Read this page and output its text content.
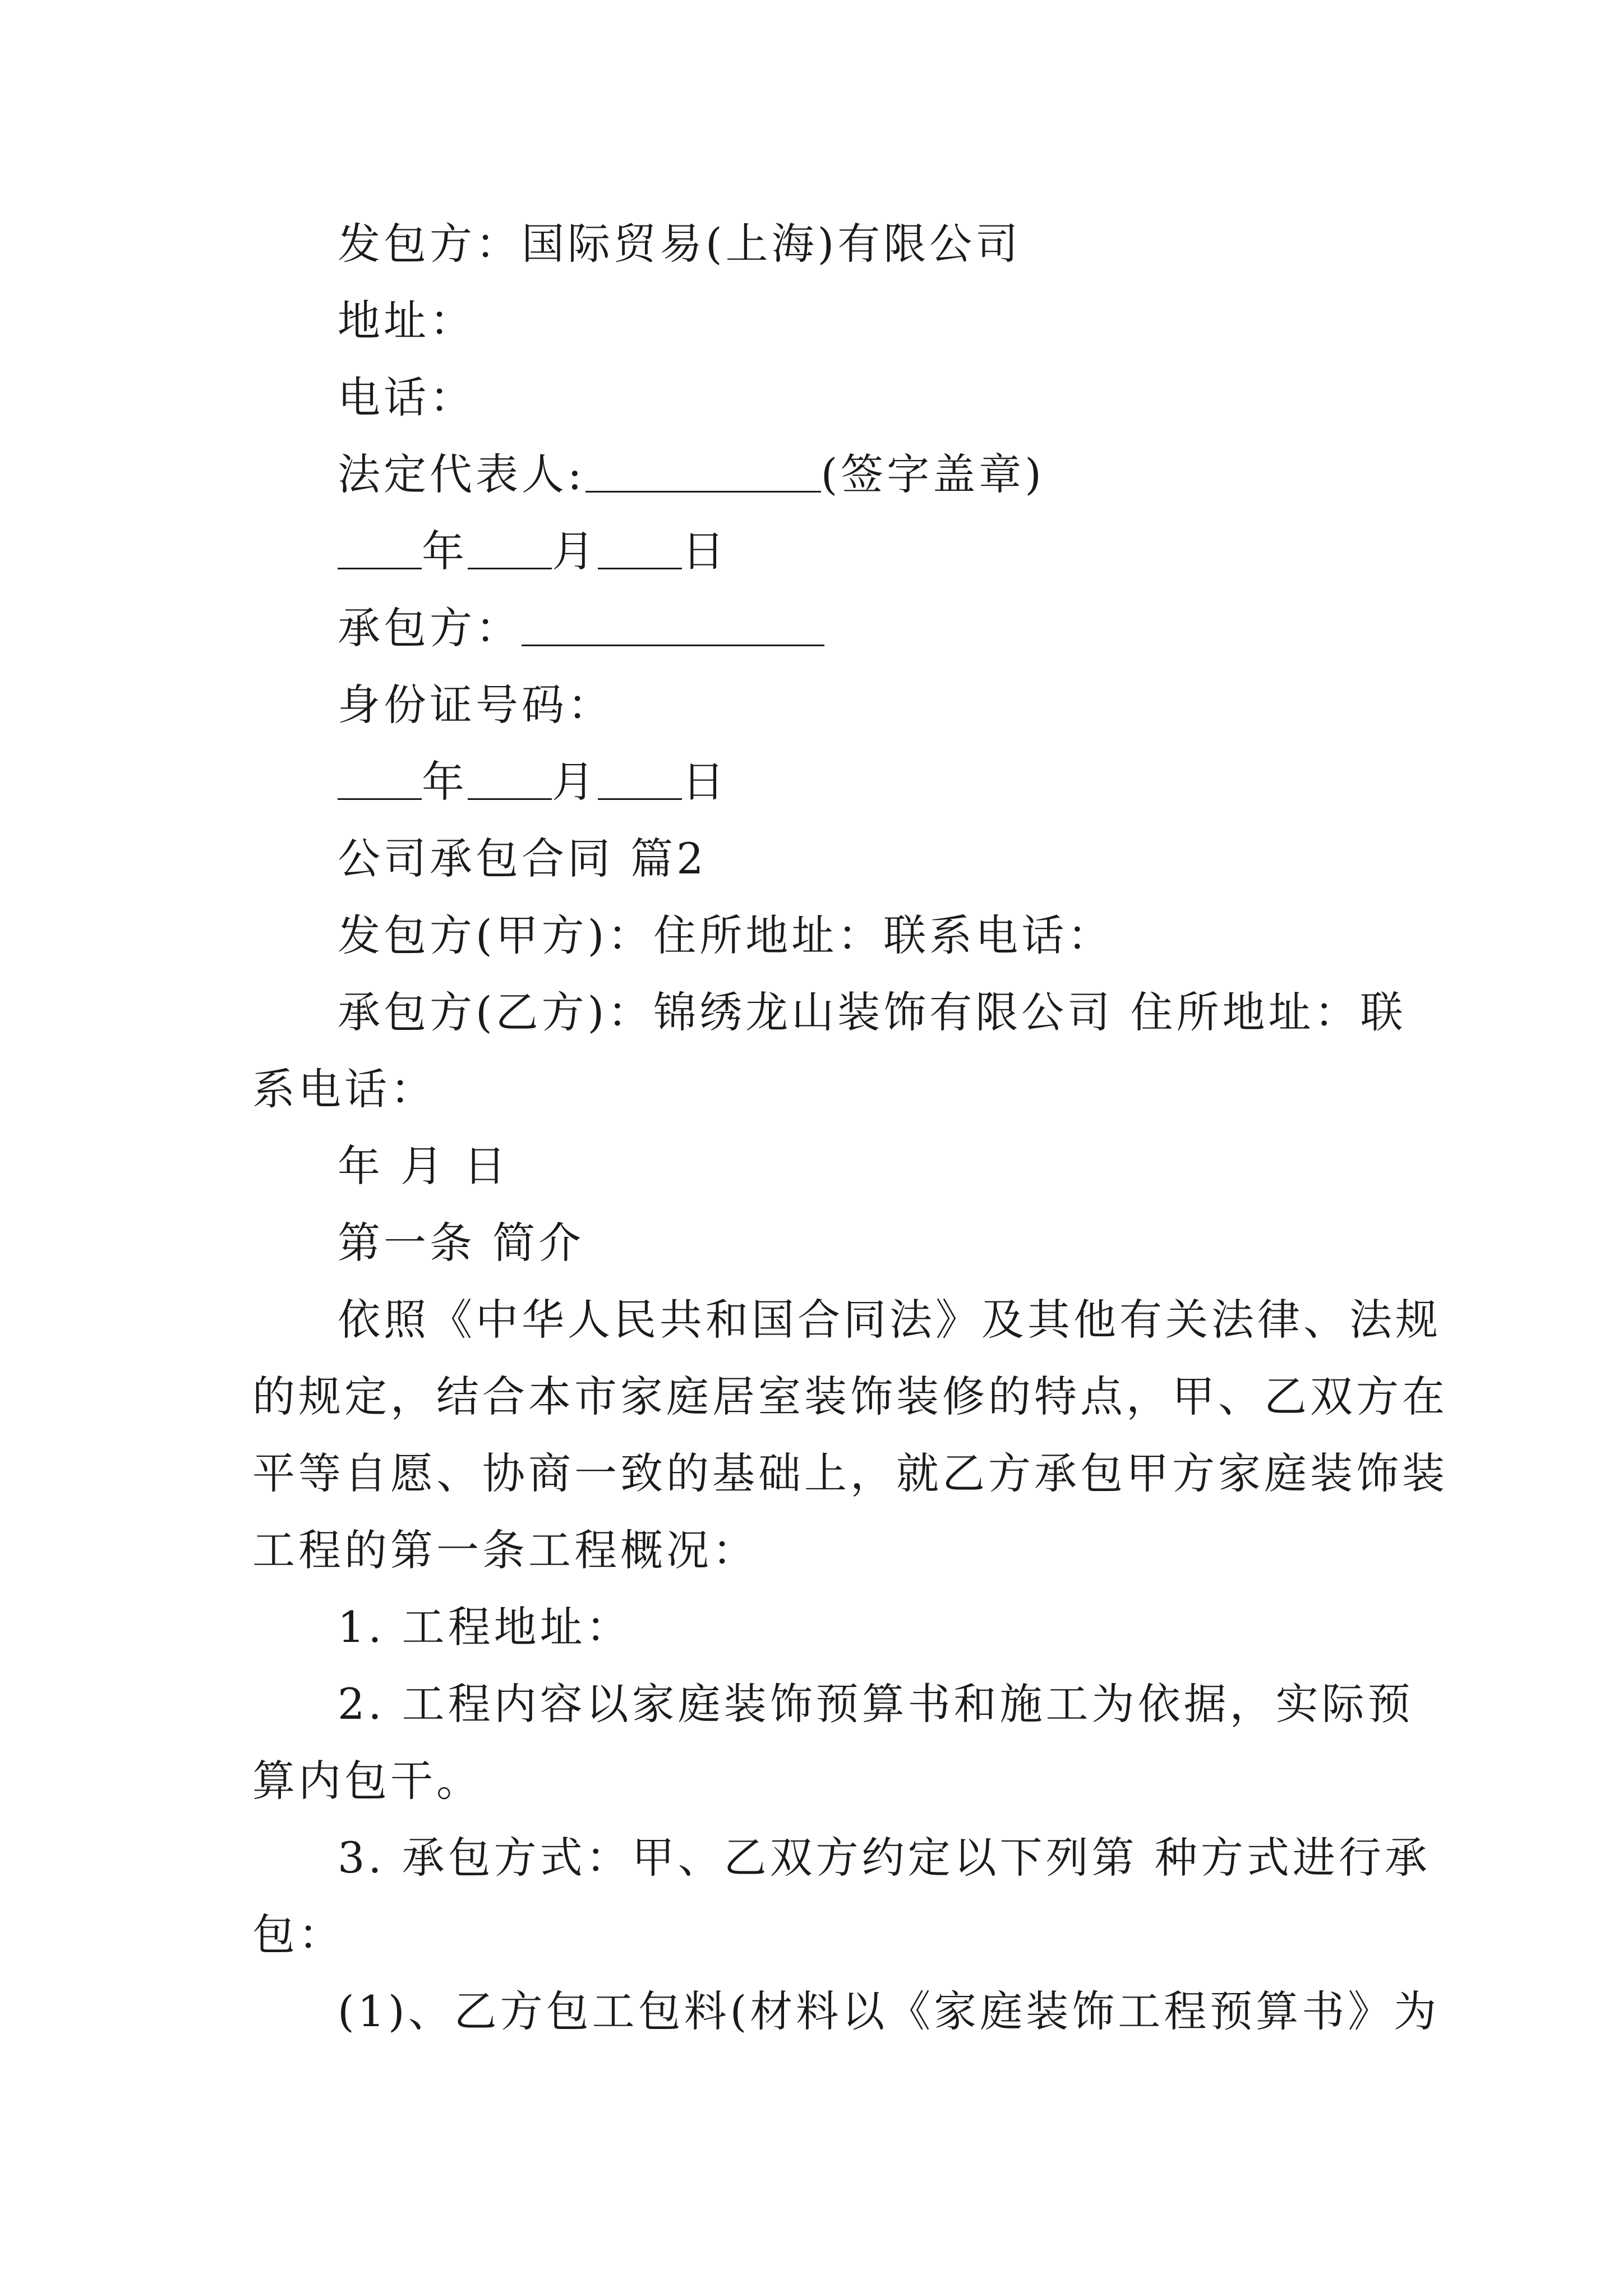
发包方：国际贸易(上海)有限公司
地址：
电话：
法定代表人:	(签字盖章)
年 月 日
承包方：
身份证号码：
年 月 日
公司承包合同 篇2
发包方(甲方)：住所地址：联系电话：
承包方(乙方)：锦绣龙山装饰有限公司 住所地址：联
系电话：
年 月 日
第一条 简介
依照《中华人民共和国合同法》及其他有关法律、法规
的规定，结合本市家庭居室装饰装修的特点，甲、乙双方在
平等自愿、协商一致的基础上，就乙方承包甲方家庭装饰装
工程的第一条工程概况：
1. 工程地址：
2. 工程内容以家庭装饰预算书和施工为依据，实际预
算内包干。
3. 承包方式：甲、乙双方约定以下列第 种方式进行承
包：
(1)、乙方包工包料(材料以《家庭装饰工程预算书》为
